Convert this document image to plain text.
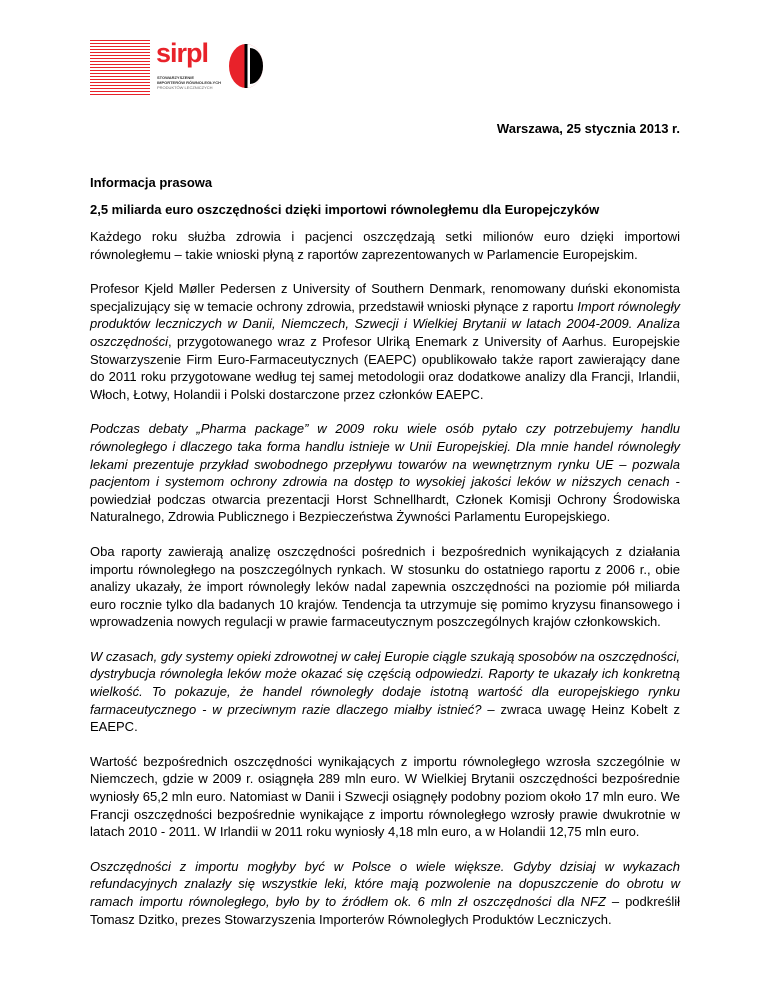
sirpl
STOWARZYSZENIE
IMPORTERÓW RÓWNOLEGŁYCH
PRODUKTÓW LECZNICZYCH
Warszawa, 25 stycznia 2013 r.
Informacja prasowa
2,5 miliarda euro oszczędności dzięki importowi równoległemu dla Europejczyków

Każdego roku służba zdrowia i pacjenci oszczędzają setki milionów euro dzięki importowi równoległemu – takie wnioski płyną z raportów zaprezentowanych w Parlamencie Europejskim.

Profesor Kjeld Møller Pedersen z University of Southern Denmark, renomowany duński ekonomista specjalizujący się w temacie ochrony zdrowia, przedstawił wnioski płynące z raportu Import równoległy produktów leczniczych w Danii, Niemczech, Szwecji i Wielkiej Brytanii w latach 2004-2009. Analiza oszczędności, przygotowanego wraz z Profesor Ulriką Enemark z University of Aarhus. Europejskie Stowarzyszenie Firm Euro-Farmaceutycznych (EAEPC) opublikowało także raport zawierający dane do 2011 roku przygotowane według tej samej metodologii oraz dodatkowe analizy dla Francji, Irlandii, Włoch, Łotwy, Holandii i Polski dostarczone przez członków EAEPC.

Podczas debaty „Pharma package” w 2009 roku wiele osób pytało czy potrzebujemy handlu równoległego i dlaczego taka forma handlu istnieje w Unii Europejskiej. Dla mnie handel równoległy lekami prezentuje przykład swobodnego przepływu towarów na wewnętrznym rynku UE – pozwala pacjentom i systemom ochrony zdrowia na dostęp to wysokiej jakości leków w niższych cenach - powiedział podczas otwarcia prezentacji Horst Schnellhardt, Członek Komisji Ochrony Środowiska Naturalnego, Zdrowia Publicznego i Bezpieczeństwa Żywności Parlamentu Europejskiego.

Oba raporty zawierają analizę oszczędności pośrednich i bezpośrednich wynikających z działania importu równoległego na poszczególnych rynkach. W stosunku do ostatniego raportu z 2006 r., obie analizy ukazały, że import równoległy leków nadal zapewnia oszczędności na poziomie pół miliarda euro rocznie tylko dla badanych 10 krajów. Tendencja ta utrzymuje się pomimo kryzysu finansowego i wprowadzenia nowych regulacji w prawie farmaceutycznym poszczególnych krajów członkowskich.

W czasach, gdy systemy opieki zdrowotnej w całej Europie ciągle szukają sposobów na oszczędności, dystrybucja równoległa leków może okazać się częścią odpowiedzi. Raporty te ukazały ich konkretną wielkość. To pokazuje, że handel równoległy dodaje istotną wartość dla europejskiego rynku farmaceutycznego - w przeciwnym razie dlaczego miałby istnieć? – zwraca uwagę Heinz Kobelt z EAEPC.

Wartość bezpośrednich oszczędności wynikających z importu równoległego wzrosła szczególnie w Niemczech, gdzie w 2009 r. osiągnęła 289 mln euro. W Wielkiej Brytanii oszczędności bezpośrednie wyniosły 65,2 mln euro. Natomiast w Danii i Szwecji osiągnęły podobny poziom około 17 mln euro. We Francji oszczędności bezpośrednie wynikające z importu równoległego wzrosły prawie dwukrotnie w latach 2010 - 2011. W Irlandii w 2011 roku wyniosły 4,18 mln euro, a w Holandii 12,75 mln euro.

Oszczędności z importu mogłyby być w Polsce o wiele większe. Gdyby dzisiaj w wykazach refundacyjnych znalazły się wszystkie leki, które mają pozwolenie na dopuszczenie do obrotu w ramach importu równoległego, było by to źródłem ok. 6 mln zł oszczędności dla NFZ – podkreślił Tomasz Dzitko, prezes Stowarzyszenia Importerów Równoległych Produktów Leczniczych.
